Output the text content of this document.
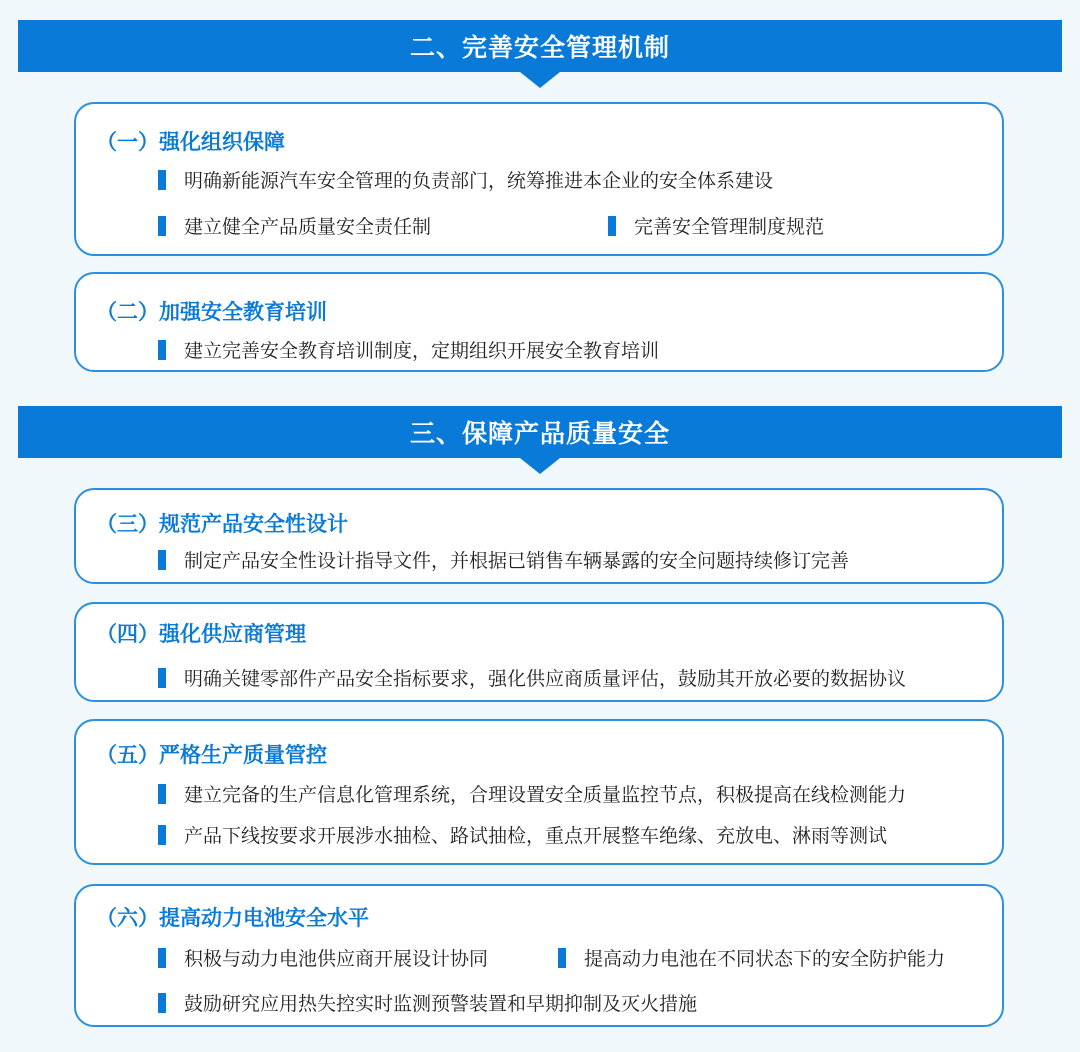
二、完善安全管理机制
（一）强化组织保障
明确新能源汽车安全管理的负责部门，统筹推进本企业的安全体系建设
建立健全产品质量安全责任制	完善安全管理制度规范
（二）加强安全教育培训
建立完善安全教育培训制度，定期组织开展安全教育培训
三、保障产品质量安全
（三）规范产品安全性设计
制定产品安全性设计指导文件，并根据已销售车辆暴露的安全问题持续修订完善
（四）强化供应商管理
明确关键零部件产品安全指标要求，强化供应商质量评估，鼓励其开放必要的数据协议
（五）严格生产质量管控
建立完备的生产信息化管理系统，合理设置安全质量监控节点，积极提高在线检测能力
产品下线按要求开展涉水抽检、路试抽检，重点开展整车绝缘、充放电、淋雨等测试
（六）提高动力电池安全水平
积极与动力电池供应商开展设计协同	提高动力电池在不同状态下的安全防护能力
鼓励研究应用热失控实时监测预警装置和早期抑制及灭火措施
